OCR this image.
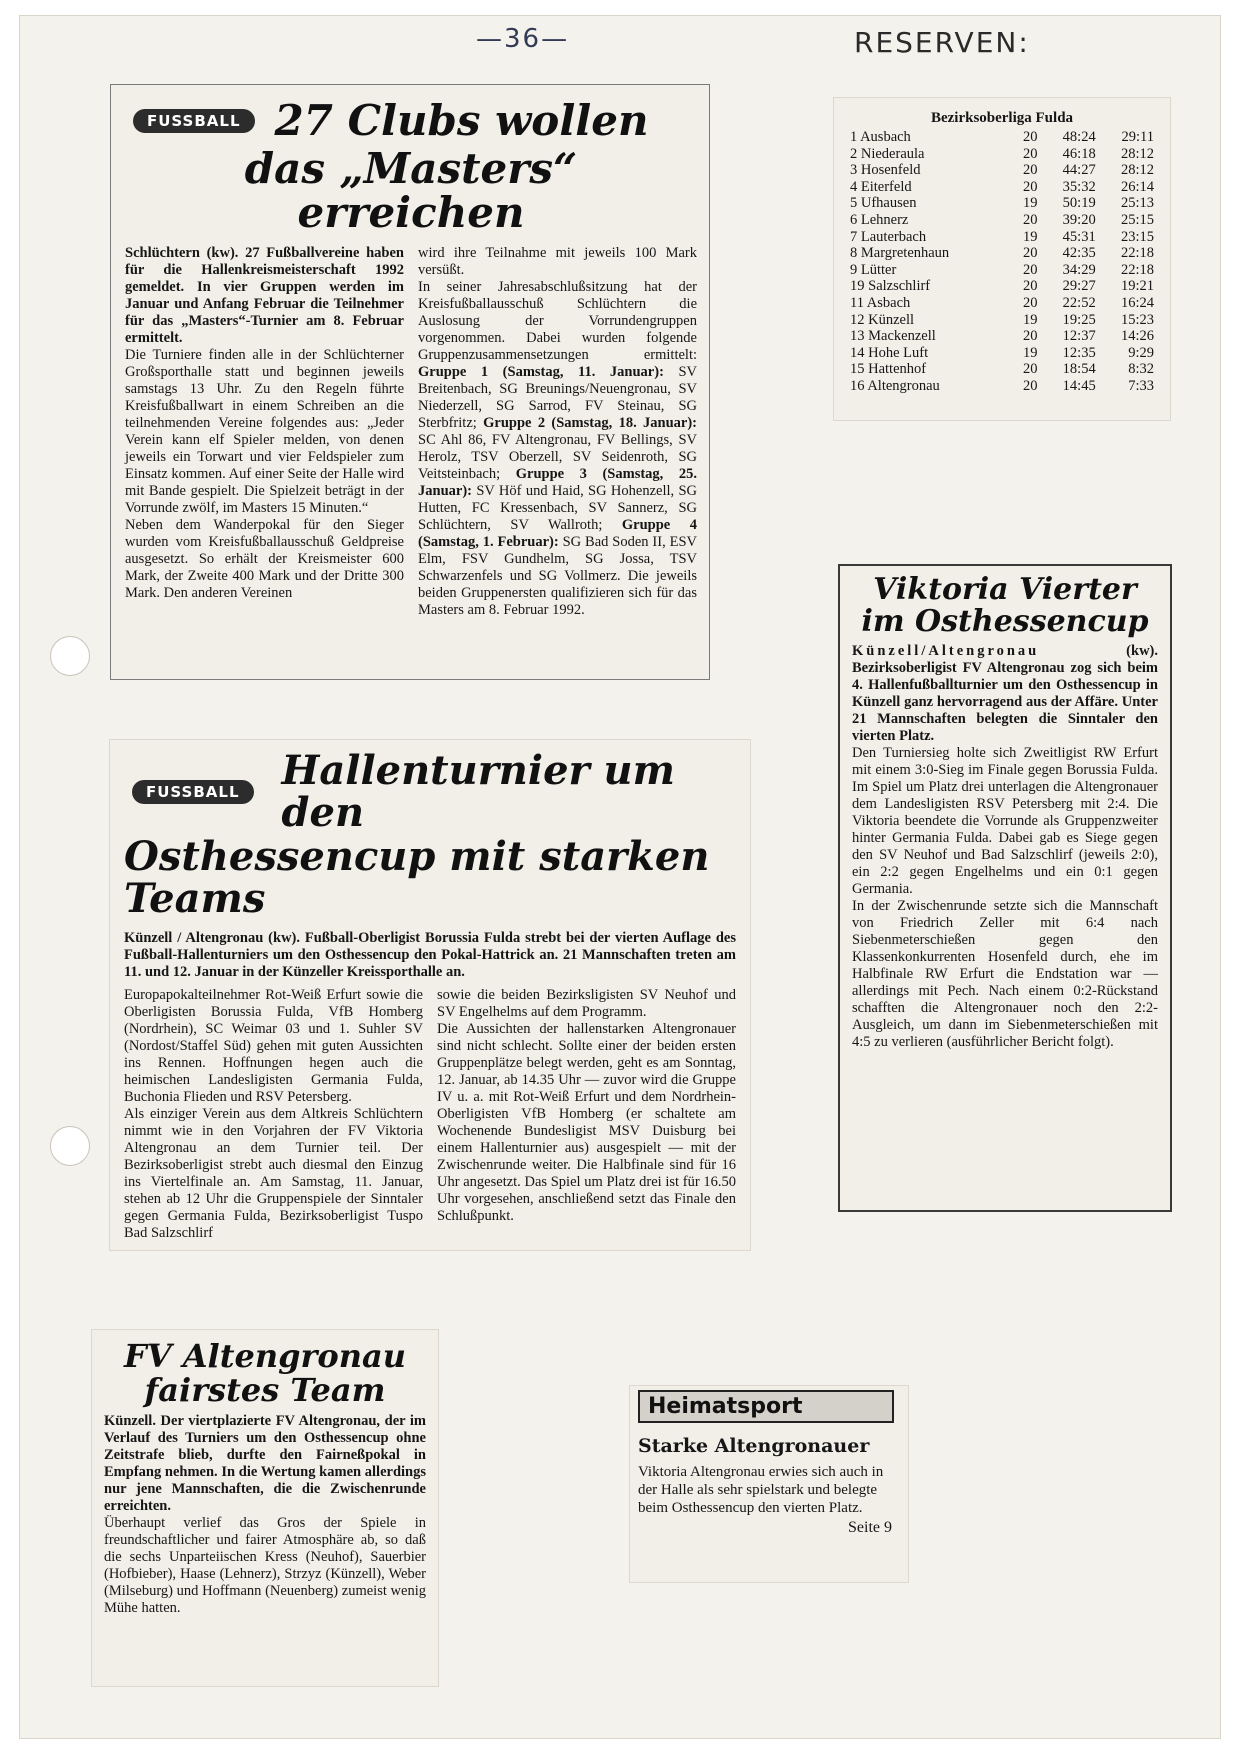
—36—	RESERVEN:
FUSSBALL 27 Clubs wollen
das „Masters“ erreichen

Schlüchtern (kw). 27 Fußballvereine haben für die Hallenkreismeisterschaft 1992 gemeldet. In vier Gruppen werden im Januar und Anfang Februar die Teilnehmer für das „Masters“-Turnier am 8. Februar ermittelt.

Die Turniere finden alle in der Schlüchterner Großsporthalle statt und beginnen jeweils samstags 13 Uhr. Zu den Regeln führte Kreisfußballwart in einem Schreiben an die teilnehmenden Vereine folgendes aus: „Jeder Verein kann elf Spieler melden, von denen jeweils ein Torwart und vier Feldspieler zum Einsatz kommen. Auf einer Seite der Halle wird mit Bande gespielt. Die Spielzeit beträgt in der Vorrunde zwölf, im Masters 15 Minuten.“

Neben dem Wanderpokal für den Sieger wurden vom Kreisfußballausschuß Geldpreise ausgesetzt. So erhält der Kreismeister 600 Mark, der Zweite 400 Mark und der Dritte 300 Mark. Den anderen Vereinen

wird ihre Teilnahme mit jeweils 100 Mark versüßt.

In seiner Jahresabschlußsitzung hat der Kreisfußballausschuß Schlüchtern die Auslosung der Vorrundengruppen vorgenommen. Dabei wurden folgende Gruppenzusammensetzungen ermittelt: Gruppe 1 (Samstag, 11. Januar): SV Breitenbach, SG Breunings/Neuengronau, SV Niederzell, SG Sarrod, FV Steinau, SG Sterbfritz; Gruppe 2 (Samstag, 18. Januar): SC Ahl 86, FV Altengronau, FV Bellings, SV Herolz, TSV Oberzell, SV Seidenroth, SG Veitsteinbach; Gruppe 3 (Samstag, 25. Januar): SV Höf und Haid, SG Hohenzell, SG Hutten, FC Kressenbach, SV Sannerz, SG Schlüchtern, SV Wallroth; Gruppe 4 (Samstag, 1. Februar): SG Bad Soden II, ESV Elm, FSV Gundhelm, SG Jossa, TSV Schwarzenfels und SG Vollmerz. Die jeweils beiden Gruppenersten qualifizieren sich für das Masters am 8. Februar 1992.

Bezirksoberliga Fulda
1 Ausbach	20	48:24	29:11
2 Niederaula	20	46:18	28:12
3 Hosenfeld	20	44:27	28:12
4 Eiterfeld	20	35:32	26:14
5 Ufhausen	19	50:19	25:13
6 Lehnerz	20	39:20	25:15
7 Lauterbach	19	45:31	23:15
8 Margretenhaun	20	42:35	22:18
9 Lütter	20	34:29	22:18
19 Salzschlirf	20	29:27	19:21
11 Asbach	20	22:52	16:24
12 Künzell	19	19:25	15:23
13 Mackenzell	20	12:37	14:26
14 Hohe Luft	19	12:35	9:29
15 Hattenhof	20	18:54	8:32
16 Altengronau	20	14:45	7:33
FUSSBALL	Hallenturnier um den
Osthessencup mit starken Teams

Künzell / Altengronau (kw). Fußball-Oberligist Borussia Fulda strebt bei der vierten Auflage des Fußball-Hallenturniers um den Osthessencup den Pokal-Hattrick an. 21 Mannschaften treten am 11. und 12. Januar in der Künzeller Kreissporthalle an.

Europapokalteilnehmer Rot-Weiß Erfurt sowie die Oberligisten Borussia Fulda, VfB Homberg (Nordrhein), SC Weimar 03 und 1. Suhler SV (Nordost/Staffel Süd) gehen mit guten Aussichten ins Rennen. Hoffnungen hegen auch die heimischen Landesligisten Germania Fulda, Buchonia Flieden und RSV Petersberg.

Als einziger Verein aus dem Altkreis Schlüchtern nimmt wie in den Vorjahren der FV Viktoria Altengronau an dem Turnier teil. Der Bezirksoberligist strebt auch diesmal den Einzug ins Viertelfinale an. Am Samstag, 11. Januar, stehen ab 12 Uhr die Gruppenspiele der Sinntaler gegen Germania Fulda, Bezirksoberligist Tuspo Bad Salzschlirf

sowie die beiden Bezirksligisten SV Neuhof und SV Engelhelms auf dem Programm.

Die Aussichten der hallenstarken Altengronauer sind nicht schlecht. Sollte einer der beiden ersten Gruppenplätze belegt werden, geht es am Sonntag, 12. Januar, ab 14.35 Uhr — zuvor wird die Gruppe IV u. a. mit Rot-Weiß Erfurt und dem Nordrhein-Oberligisten VfB Homberg (er schaltete am Wochenende Bundesligist MSV Duisburg bei einem Hallenturnier aus) ausgespielt — mit der Zwischenrunde weiter. Die Halbfinale sind für 16 Uhr angesetzt. Das Spiel um Platz drei ist für 16.50 Uhr vorgesehen, anschließend setzt das Finale den Schlußpunkt.

Viktoria Vierter
im Osthessencup

Künzell/Altengronau	(kw). Bezirksoberligist FV Altengronau zog sich beim 4. Hallenfußballturnier um den Osthessencup in Künzell ganz hervorragend aus der Affäre. Unter 21 Mannschaften belegten die Sinntaler den vierten Platz.

Den Turniersieg holte sich Zweitligist RW Erfurt mit einem 3:0-Sieg im Finale gegen Borussia Fulda. Im Spiel um Platz drei unterlagen die Altengronauer dem Landesligisten RSV Petersberg mit 2:4. Die Viktoria beendete die Vorrunde als Gruppenzweiter hinter Germania Fulda. Dabei gab es Siege gegen den SV Neuhof und Bad Salzschlirf (jeweils 2:0), ein 2:2 gegen Engelhelms und ein 0:1 gegen Germania.

In der Zwischenrunde setzte sich die Mannschaft von Friedrich Zeller mit 6:4 nach Siebenmeterschießen gegen den Klassenkonkurrenten Hosenfeld durch, ehe im Halbfinale RW Erfurt die Endstation war — allerdings mit Pech. Nach einem 0:2-Rückstand schafften die Altengronauer noch den 2:2-Ausgleich, um dann im Siebenmeterschießen mit 4:5 zu verlieren (ausführlicher Bericht folgt).

FV Altengronau
fairstes Team

Künzell. Der viertplazierte FV Altengronau, der im Verlauf des Turniers um den Osthessencup ohne Zeitstrafe blieb, durfte den Fairneßpokal in Empfang nehmen. In die Wertung kamen allerdings nur jene Mannschaften, die die Zwischenrunde erreichten.

Überhaupt verlief das Gros der Spiele in freundschaftlicher und fairer Atmosphäre ab, so daß die sechs Unparteiischen Kress (Neuhof), Sauerbier (Hofbieber), Haase (Lehnerz), Strzyz (Künzell), Weber (Milseburg) und Hoffmann (Neuenberg) zumeist wenig Mühe hatten.

Heimatsport
Starke Altengronauer

Viktoria Altengronau erwies sich auch in der Halle als sehr spielstark und belegte beim Osthessencup den vierten Platz.

Seite 9
